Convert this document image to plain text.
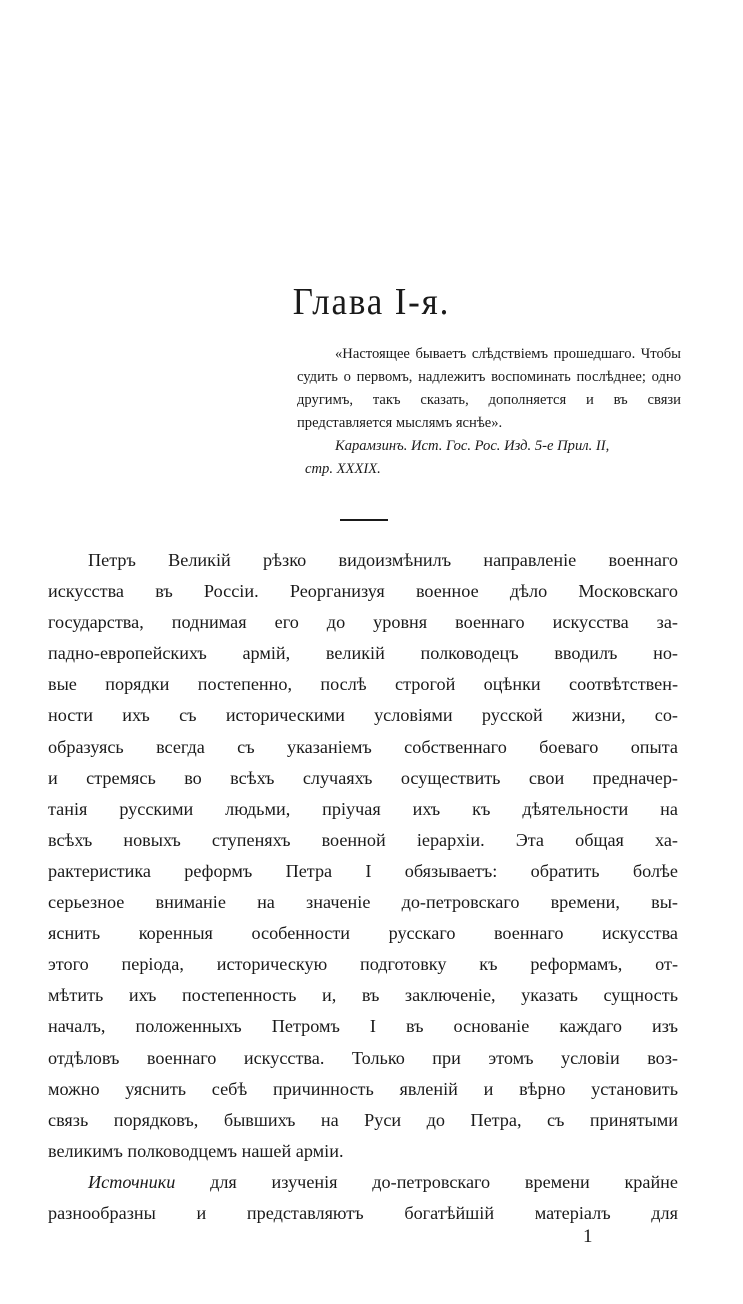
Глава I-я.
«Настоящее бываетъ слѣдствіемъ прошедшаго. Чтобы судить о первомъ, надлежитъ воспоминать послѣднее; одно другимъ, такъ сказать, дополняется и въ связи представляется мыслямъ яснѣе».
Карамзинъ. Ист. Гос. Рос. Изд. 5-е Прил. II,
стр. XXXIX.
Петръ Великій рѣзко видоизмѣнилъ направленіе военнаго
искусства въ Россіи. Реорганизуя военное дѣло Московскаго
государства, поднимая его до уровня военнаго искусства за-
падно-европейскихъ армій, великій полководецъ вводилъ но-
вые порядки постепенно, послѣ строгой оцѣнки соотвѣтствен-
ности ихъ съ историческими условіями русской жизни, со-
образуясь всегда съ указаніемъ собственнаго боеваго опыта
и стремясь во всѣхъ случаяхъ осуществить свои предначер-
танія русскими людьми, пріучая ихъ къ дѣятельности на
всѣхъ новыхъ ступеняхъ военной іерархіи. Эта общая ха-
рактеристика реформъ Петра I обязываетъ: обратить болѣе
серьезное вниманіе на значеніе до-петровскаго времени, вы-
яснить коренныя особенности русскаго военнаго искусства
этого періода, историческую подготовку къ реформамъ, от-
мѣтить ихъ постепенность и, въ заключеніе, указать сущность
началъ, положенныхъ Петромъ I въ основаніе каждаго изъ
отдѣловъ военнаго искусства. Только при этомъ условіи воз-
можно уяснить себѣ причинность явленій и вѣрно установить
связь порядковъ, бывшихъ на Руси до Петра, съ принятыми
великимъ полководцемъ нашей арміи.
Источники для изученія до-петровскаго времени крайне
разнообразны и представляютъ богатѣйшій матеріалъ для
1
